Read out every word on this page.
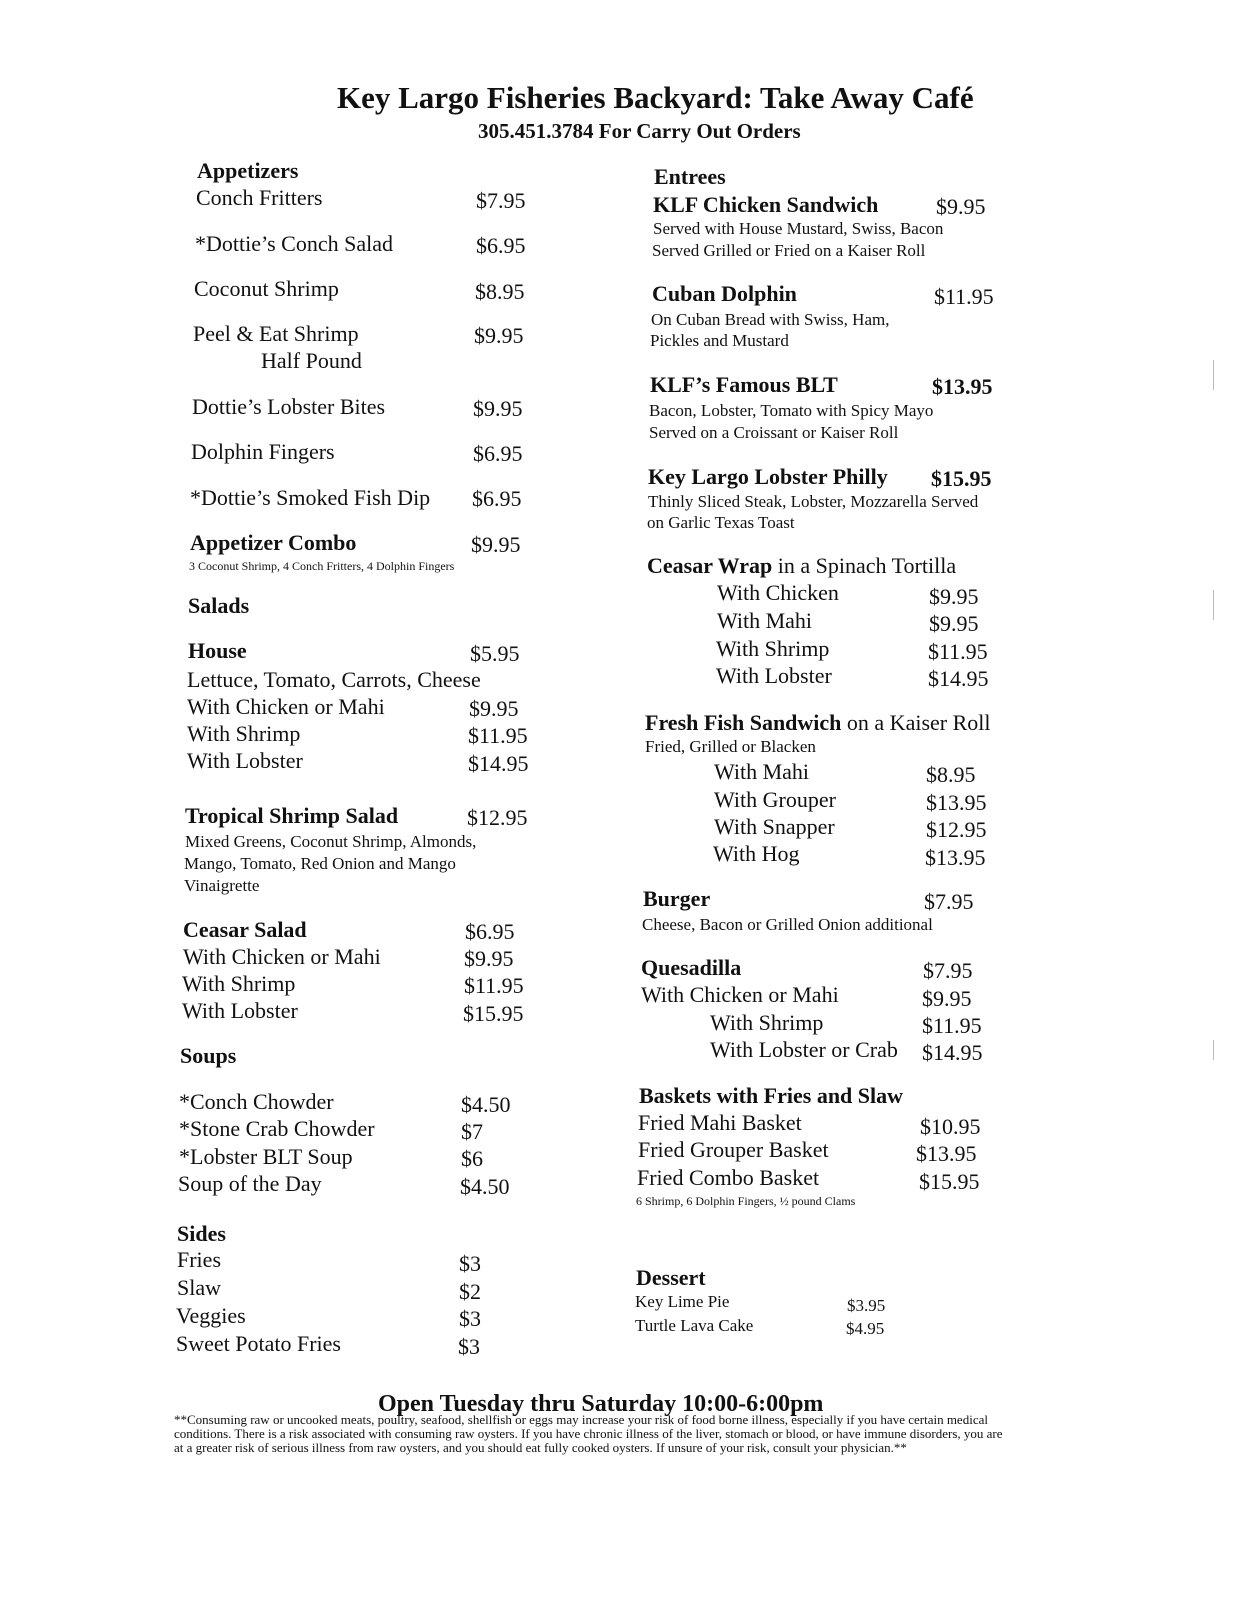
Key Largo Fisheries Backyard: Take Away Café
305.451.3784 For Carry Out Orders
Appetizers
Conch Fritters	$7.95
*Dottie’s Conch Salad	$6.95
Coconut Shrimp	$8.95
Peel & Eat Shrimp	$9.95
Half Pound
Dottie’s Lobster Bites	$9.95
Dolphin Fingers	$6.95
*Dottie’s Smoked Fish Dip $6.95
Appetizer Combo	$9.95
3 Coconut Shrimp, 4 Conch Fritters, 4 Dolphin Fingers
Salads
House	$5.95
Lettuce, Tomato, Carrots, Cheese
With Chicken or Mahi	$9.95
With Shrimp	$11.95
With Lobster	$14.95
Tropical Shrimp Salad	$12.95
Mixed Greens, Coconut Shrimp, Almonds,
Mango, Tomato, Red Onion and Mango
Vinaigrette
Ceasar Salad	$6.95
With Chicken or Mahi	$9.95
With Shrimp	$11.95
With Lobster	$15.95
Soups
*Conch Chowder	$4.50
*Stone Crab Chowder	$7
*Lobster BLT Soup	$6
Soup of the Day	$4.50
Sides
Fries	$3
Slaw	$2
Veggies	$3
Sweet Potato Fries	$3
Entrees
KLF Chicken Sandwich	$9.95
Served with House Mustard, Swiss, Bacon
Served Grilled or Fried on a Kaiser Roll
Cuban Dolphin	$11.95
On Cuban Bread with Swiss, Ham,
Pickles and Mustard
KLF’s Famous BLT	$13.95
Bacon, Lobster, Tomato with Spicy Mayo
Served on a Croissant or Kaiser Roll
Key Largo Lobster Philly $15.95
Thinly Sliced Steak, Lobster, Mozzarella Served
on Garlic Texas Toast
Ceasar Wrap in a Spinach Tortilla
With Chicken	$9.95
With Mahi	$9.95
With Shrimp	$11.95
With Lobster	$14.95
Fresh Fish Sandwich on a Kaiser Roll
Fried, Grilled or Blacken
With Mahi	$8.95
With Grouper	$13.95
With Snapper	$12.95
With Hog	$13.95
Burger	$7.95
Cheese, Bacon or Grilled Onion additional
Quesadilla	$7.95
With Chicken or Mahi	$9.95
With Shrimp	$11.95
With Lobster or Crab $14.95
Baskets with Fries and Slaw
Fried Mahi Basket	$10.95
Fried Grouper Basket	$13.95
Fried Combo Basket	$15.95
6 Shrimp, 6 Dolphin Fingers, ½ pound Clams
Dessert
Key Lime Pie	$3.95
Turtle Lava Cake	$4.95
Open Tuesday thru Saturday 10:00-6:00pm
**Consuming raw or uncooked meats, poultry, seafood, shellfish or eggs may increase your risk of food borne illness, especially if you have certain medical conditions. There is a risk associated with consuming raw oysters. If you have chronic illness of the liver, stomach or blood, or have immune disorders, you are at a greater risk of serious illness from raw oysters, and you should eat fully cooked oysters. If unsure of your risk, consult your physician.**
